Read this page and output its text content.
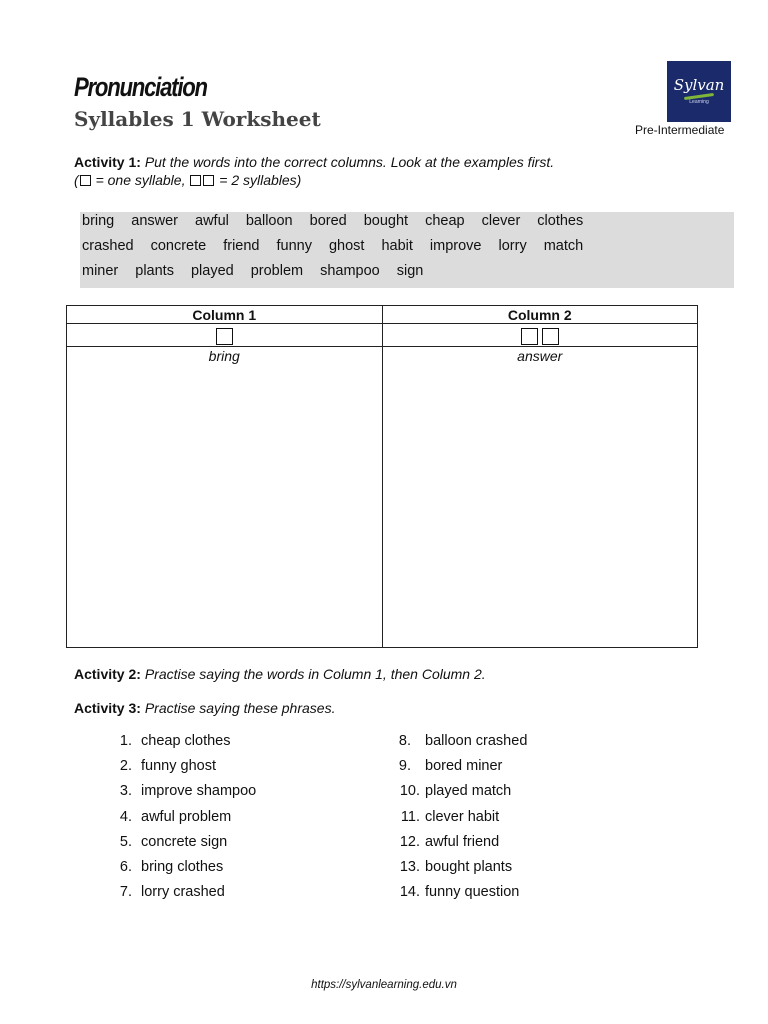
Pronunciation
Syllables 1 Worksheet
Sylvan
Learning
Pre-Intermediate
Activity 1: Put the words into the correct columns. Look at the examples first.
( = one syllable, = 2 syllables)
bring answer awful balloon bored bought cheap clever clothes
crashed concrete friend funny ghost habit improve lorry match
miner plants played problem shampoo sign
Column 1	Column 2

bring	answer
Activity 2: Practise saying the words in Column 1, then Column 2.
Activity 3: Practise saying these phrases.
1. cheap clothes
2. funny ghost
3. improve shampoo
4. awful problem
5. concrete sign
6. bring clothes
7. lorry crashed
8. balloon crashed
9. bored miner
10. played match
11. clever habit
12. awful friend
13. bought plants
14. funny question
https://sylvanlearning.edu.vn
